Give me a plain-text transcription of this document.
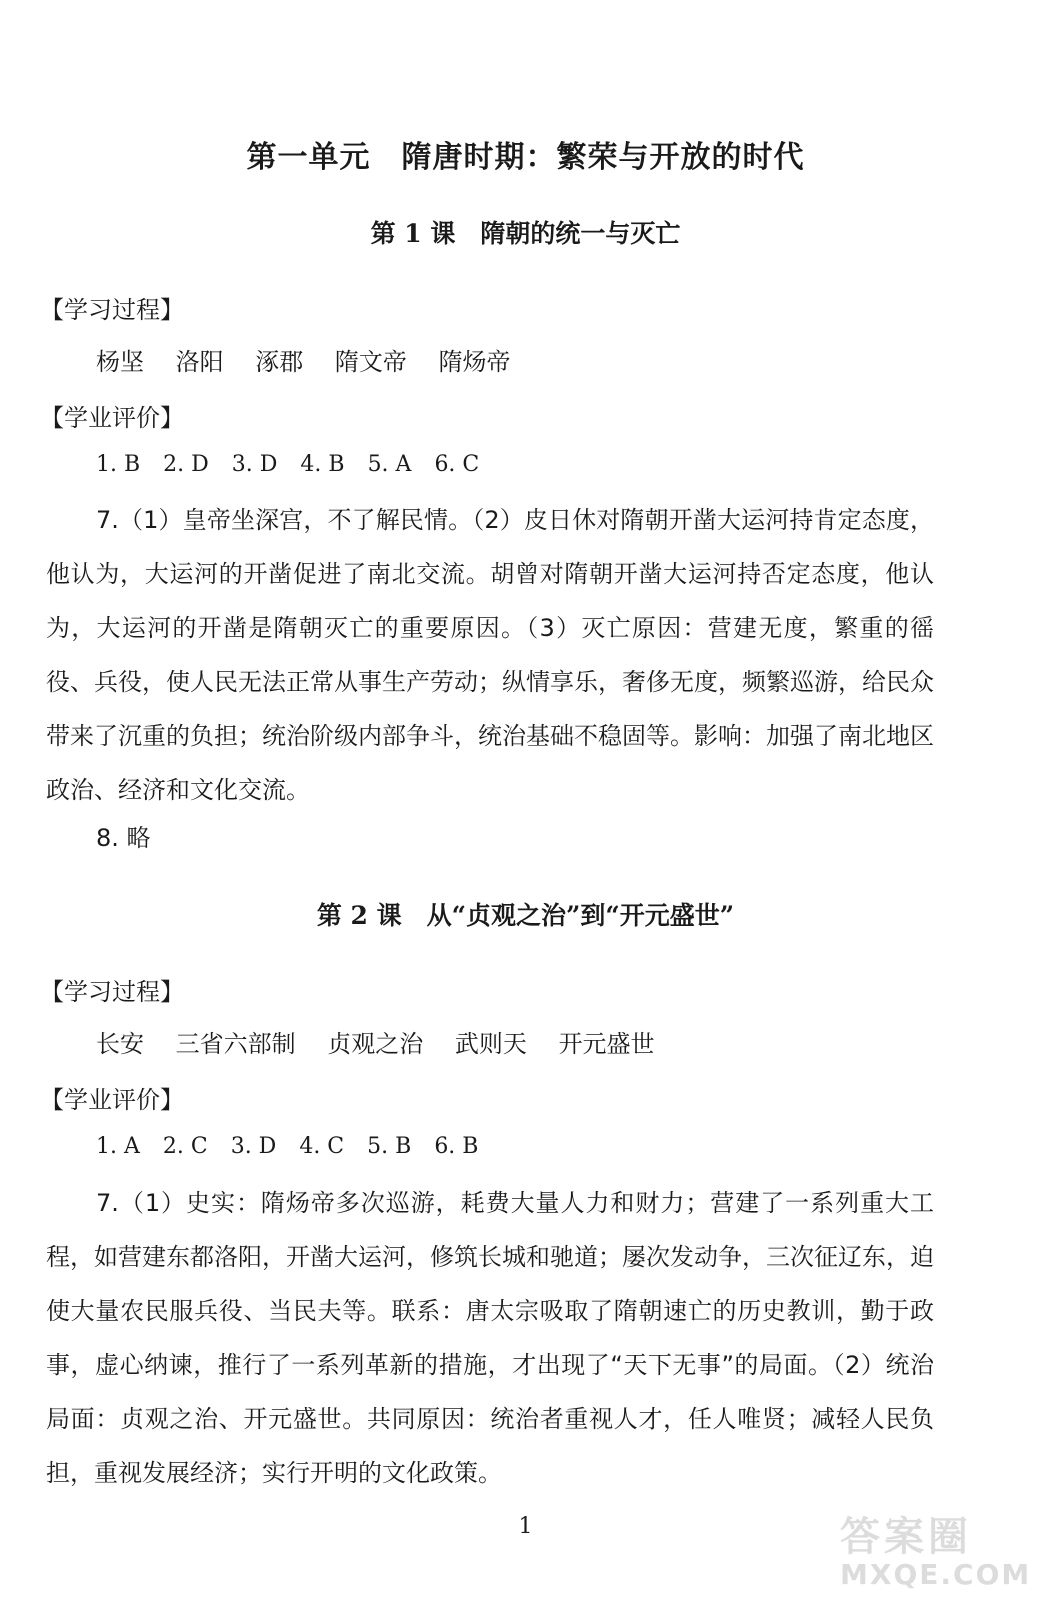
第一单元　隋唐时期：繁荣与开放的时代
第 1 课　隋朝的统一与灭亡
【学习过程】
杨坚 洛阳 涿郡 隋文帝 隋炀帝
【学业评价】
1. B 2. D 3. D 4. B 5. A 6. C
7.（1）皇帝坐深宫，不了解民情。（2）皮日休对隋朝开凿大运河持肯定态度，他认为，大运河的开凿促进了南北交流。胡曾对隋朝开凿大运河持否定态度，他认为，大运河的开凿是隋朝灭亡的重要原因。（3）灭亡原因：营建无度，繁重的徭役、兵役，使人民无法正常从事生产劳动；纵情享乐，奢侈无度，频繁巡游，给民众带来了沉重的负担；统治阶级内部争斗，统治基础不稳固等。影响：加强了南北地区政治、经济和文化交流。
8. 略
第 2 课　从“贞观之治”到“开元盛世”
【学习过程】
长安 三省六部制 贞观之治 武则天 开元盛世
【学业评价】
1. A 2. C 3. D 4. C 5. B 6. B
7.（1）史实：隋炀帝多次巡游，耗费大量人力和财力；营建了一系列重大工程，如营建东都洛阳，开凿大运河，修筑长城和驰道；屡次发动争，三次征辽东，迫使大量农民服兵役、当民夫等。联系：唐太宗吸取了隋朝速亡的历史教训，勤于政事，虚心纳谏，推行了一系列革新的措施，才出现了“天下无事”的局面。（2）统治局面：贞观之治、开元盛世。共同原因：统治者重视人才，任人唯贤；减轻人民负担，重视发展经济；实行开明的文化政策。
1	答案圈
MXQE.COM
